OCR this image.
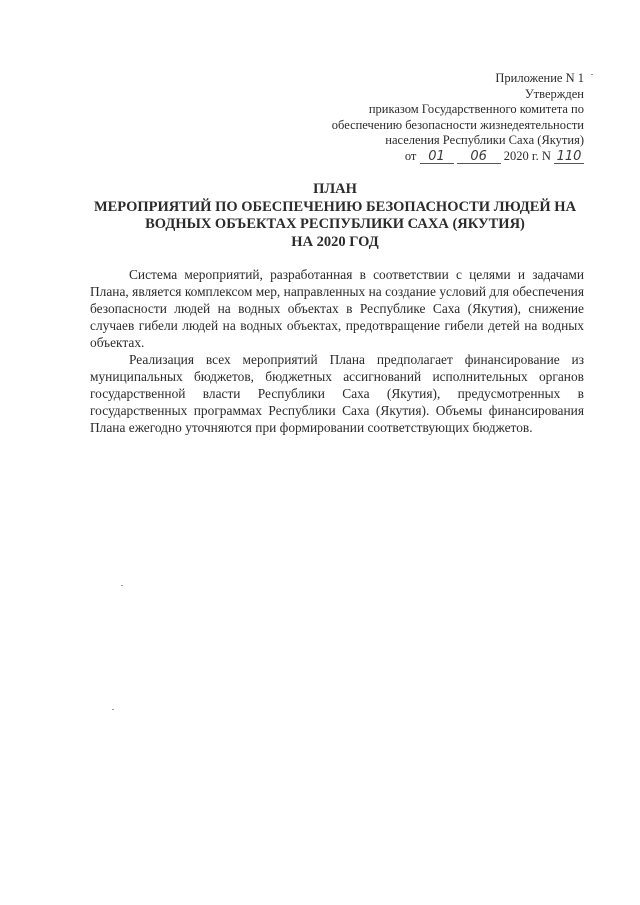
Приложение N 1
Утвержден
приказом Государственного комитета по
обеспечению безопасности жизнедеятельности
населения Республики Саха (Якутия)
от 01 06 2020 г. N 110
ПЛАН
МЕРОПРИЯТИЙ ПО ОБЕСПЕЧЕНИЮ БЕЗОПАСНОСТИ ЛЮДЕЙ НА
ВОДНЫХ ОБЪЕКТАХ РЕСПУБЛИКИ САХА (ЯКУТИЯ)
НА 2020 ГОД

Система мероприятий, разработанная в соответствии с целями и задачами Плана, является комплексом мер, направленных на создание условий для обеспечения безопасности людей на водных объектах в Республике Саха (Якутия), снижение случаев гибели людей на водных объектах, предотвращение гибели детей на водных объектах.

Реализация всех мероприятий Плана предполагает финансирование из муниципальных бюджетов, бюджетных ассигнований исполнительных органов государственной власти Республики Саха (Якутия), предусмотренных в государственных программах Республики Саха (Якутия). Объемы финансирования Плана ежегодно уточняются при формировании соответствующих бюджетов.
